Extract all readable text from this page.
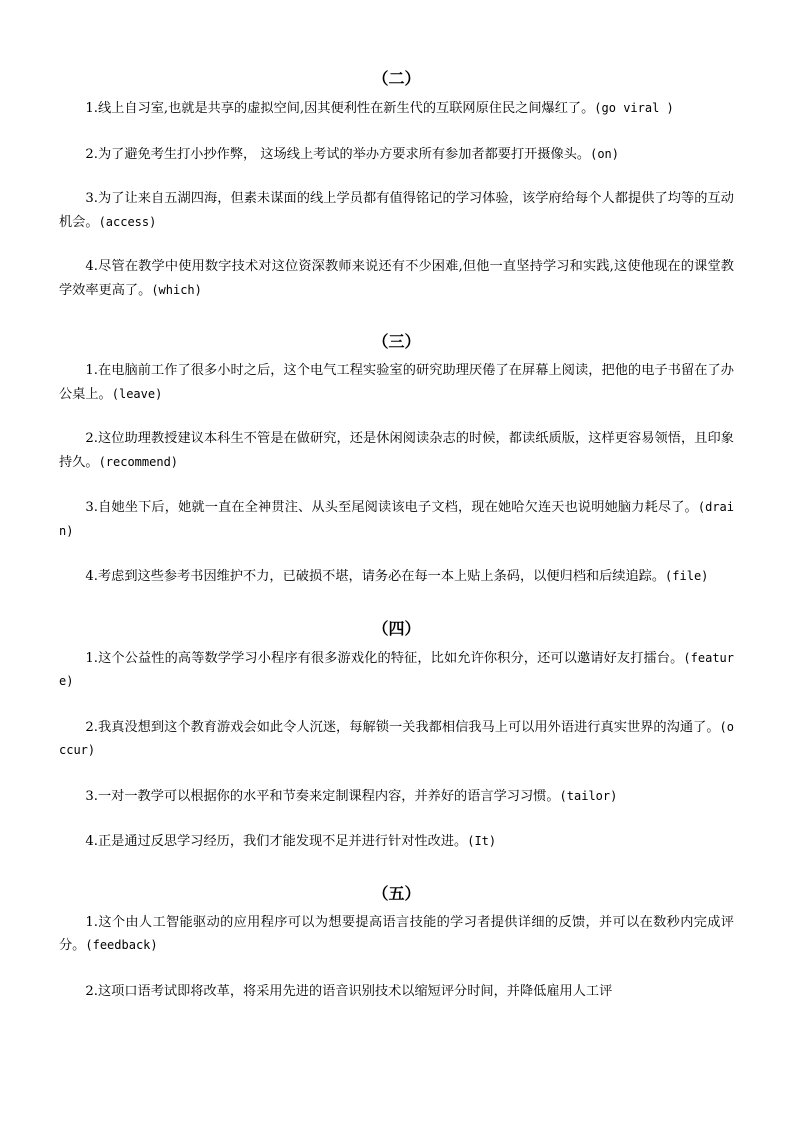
（二）

1.线上自习室,也就是共享的虚拟空间,因其便利性在新生代的互联网原住民之间爆红了。(go viral )

2.为了避免考生打小抄作弊， 这场线上考试的举办方要求所有参加者都要打开摄像头。(on)

3.为了让来自五湖四海，但素未谋面的线上学员都有值得铭记的学习体验，该学府给每个人都提供了均等的互动机会。(access)

4.尽管在教学中使用数字技术对这位资深教师来说还有不少困难,但他一直坚持学习和实践,这使他现在的课堂教学效率更高了。(which)

（三）

1.在电脑前工作了很多小时之后，这个电气工程实验室的研究助理厌倦了在屏幕上阅读，把他的电子书留在了办公桌上。(leave)

2.这位助理教授建议本科生不管是在做研究，还是休闲阅读杂志的时候，都读纸质版，这样更容易领悟，且印象持久。(recommend)

3.自她坐下后，她就一直在全神贯注、从头至尾阅读该电子文档，现在她哈欠连天也说明她脑力耗尽了。(drain)

4.考虑到这些参考书因维护不力，已破损不堪，请务必在每一本上贴上条码，以便归档和后续追踪。(file)

（四）

1.这个公益性的高等数学学习小程序有很多游戏化的特征，比如允许你积分，还可以邀请好友打擂台。(feature)

2.我真没想到这个教育游戏会如此令人沉迷，每解锁一关我都相信我马上可以用外语进行真实世界的沟通了。(occur)

3.一对一教学可以根据你的水平和节奏来定制课程内容，并养好的语言学习习惯。(tailor)

4.正是通过反思学习经历，我们才能发现不足并进行针对性改进。(It)

（五）

1.这个由人工智能驱动的应用程序可以为想要提高语言技能的学习者提供详细的反馈，并可以在数秒内完成评分。(feedback)

2.这项口语考试即将改革，将采用先进的语音识别技术以缩短评分时间，并降低雇用人工评
